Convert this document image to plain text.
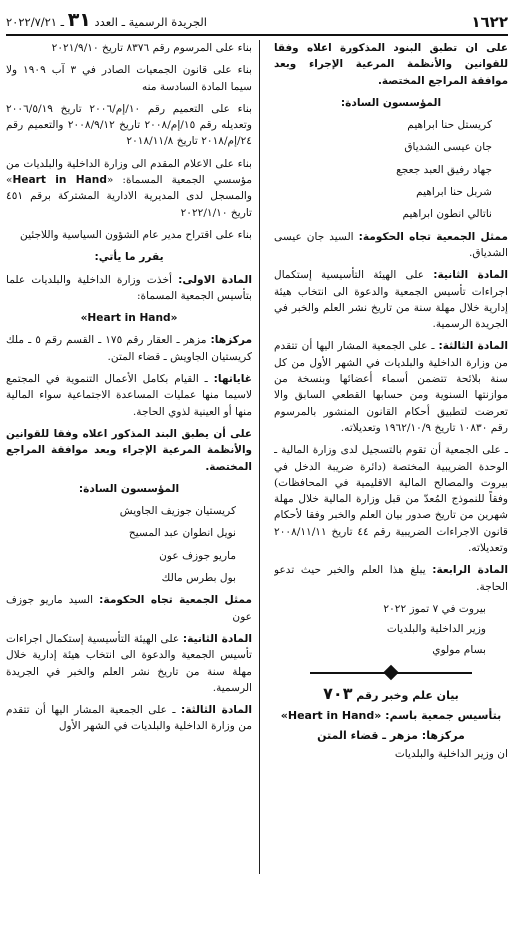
١٦٢٢
الجريدة الرسمية ـ العدد ٣١ ـ ٢٠٢٢/٧/٢١

على ان تطبق البنود المذكورة اعلاه وفقا للقوانين والأنظمة المرعية الإجراء وبعد موافقة المراجع المختصة.

المؤسسون السادة:

كريستل حنا ابراهيم
جان عيسى الشدياق
جهاد رفيق العبد جعجع
شربل حنا ابراهيم
ناتالي انطون ابراهيم

ممثل الجمعية تجاه الحكومة: السيد جان عيسى الشدياق.

المادة الثانية: على الهيئة التأسيسية إستكمال اجراءات تأسيس الجمعية والدعوة الى انتخاب هيئة إدارية خلال مهلة سنة من تاريخ نشر العلم والخبر في الجريدة الرسمية.

المادة الثالثة: ـ على الجمعية المشار اليها أن تتقدم من وزارة الداخلية والبلديات في الشهر الأول من كل سنة بلائحة تتضمن أسماء أعضائها وبنسخة من موازنتها السنوية ومن حسابها القطعي السابق والا تعرضت لتطبيق أحكام القانون المنشور بالمرسوم رقم ١٠٨٣٠ تاريخ ١٩٦٢/١٠/٩ وتعديلاته.

ـ على الجمعية أن تقوم بالتسجيل لدى وزارة المالية ـ الوحدة الضريبية المختصة (دائرة ضريبة الدخل في بيروت والمصالح المالية الاقليمية في المحافظات) وفقاً للنموذج المُعدّ من قبل وزارة المالية خلال مهلة شهرين من تاريخ صدور بيان العلم والخبر وفقا لأحكام قانون الاجراءات الضريبية رقم ٤٤ تاريخ ٢٠٠٨/١١/١١ وتعديلاته.

المادة الرابعة: يبلغ هذا العلم والخبر حيث تدعو الحاجة.

بيروت في ٧ تموز ٢٠٢٢
وزير الداخلية والبلديات
بسام مولوي
بيان علم وخبر رقم ٧٠٣
بتأسيس جمعية باسم: «Heart in Hand»
مركزها: مزهر ـ قضاء المتن

ان وزير الداخلية والبلديات

بناء على المرسوم رقم ٨٣٧٦ تاريخ ٢٠٢١/٩/١٠

بناء على قانون الجمعيات الصادر في ٣ آب ١٩٠٩ ولا سيما المادة السادسة منه

بناء على التعميم رقم ١٠/إم/٢٠٠٦ تاريخ ٢٠٠٦/٥/١٩ وتعديله رقم ١٥/إم/٢٠٠٨ تاريخ ٢٠٠٨/٩/١٢ والتعميم رقم ٢٤/إم/٢٠١٨ تاريخ ٢٠١٨/١١/٨

بناء على الاعلام المقدم الى وزارة الداخلية والبلديات من مؤسسي الجمعية المسماة: «Heart in Hand» والمسجل لدى المديرية الادارية المشتركة برقم ٤٥١ تاريخ ٢٠٢٢/١/١٠

بناء على اقتراح مدير عام الشؤون السياسية واللاجئين

يقرر ما يأتي:

المادة الاولى: أخذت وزارة الداخلية والبلديات علما بتأسيس الجمعية المسماة:

«Heart in Hand»

مركزها: مزهر ـ العقار رقم ١٧٥ ـ القسم رقم ٥ ـ ملك كريستيان الجاويش ـ قضاء المتن.

غاياتها: ـ القيام بكامل الأعمال التنموية في المجتمع لاسيما منها عمليات المساعدة الاجتماعية سواء المالية منها أو العينية لذوي الحاجة.

على أن يطبق البند المذكور اعلاه وفقا للقوانين والأنظمة المرعية الإجراء وبعد موافقة المراجع المختصة.

المؤسسون السادة:

كريستيان جوزيف الجاويش
نويل انطوان عبد المسيح
ماريو جوزف عون
بول بطرس مالك

ممثل الجمعية تجاه الحكومة: السيد ماريو جوزف عون

المادة الثانية: على الهيئة التأسيسية إستكمال اجراءات تأسيس الجمعية والدعوة الى انتخاب هيئة إدارية خلال مهلة سنة من تاريخ نشر العلم والخبر في الجريدة الرسمية.

المادة الثالثة: ـ على الجمعية المشار اليها أن تتقدم من وزارة الداخلية والبلديات في الشهر الأول
